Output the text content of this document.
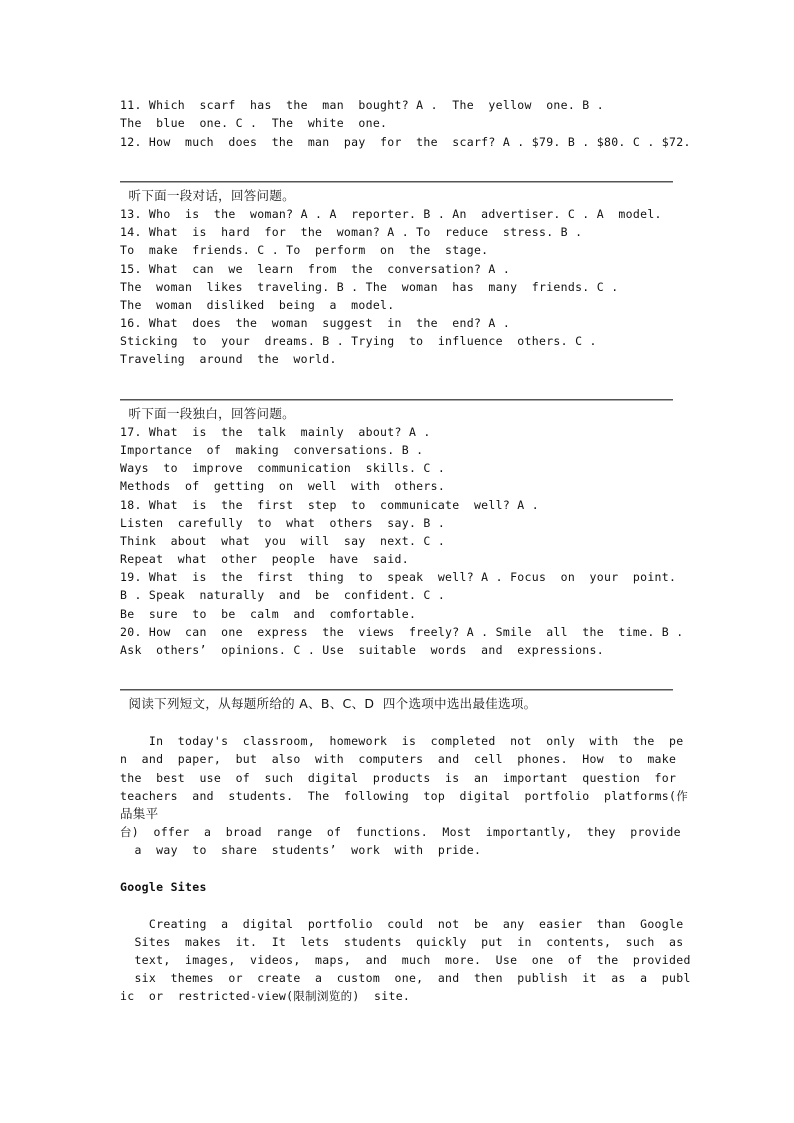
11. Which  scarf  has  the  man  bought? A .  The  yellow  one. B .
The  blue  one. C .  The  white  one.
12. How  much  does  the  man  pay  for  the  scarf? A . $79. B . $80. C . $72.
听下面一段对话，回答问题。
13. Who  is  the  woman? A . A  reporter. B . An  advertiser. C . A  model.
14. What  is  hard  for  the  woman? A . To  reduce  stress. B .
To  make  friends. C . To  perform  on  the  stage.
15. What  can  we  learn  from  the  conversation? A .
The  woman  likes  traveling. B . The  woman  has  many  friends. C .
The  woman  disliked  being  a  model.
16. What  does  the  woman  suggest  in  the  end? A .
Sticking  to  your  dreams. B . Trying  to  influence  others. C .
Traveling  around  the  world.
听下面一段独白，回答问题。
17. What  is  the  talk  mainly  about? A .
Importance  of  making  conversations. B .
Ways  to  improve  communication  skills. C .
Methods  of  getting  on  well  with  others.
18. What  is  the  first  step  to  communicate  well? A .
Listen  carefully  to  what  others  say. B .
Think  about  what  you  will  say  next. C .
Repeat  what  other  people  have  said.
19. What  is  the  first  thing  to  speak  well? A . Focus  on  your  point.
B . Speak  naturally  and  be  confident. C .
Be  sure  to  be  calm  and  comfortable.
20. How  can  one  express  the  views  freely? A . Smile  all  the  time. B .
Ask  others’  opinions. C . Use  suitable  words  and  expressions.
阅读下列短文，从每题所给的 A、B、C、D  四个选项中选出最佳选项。
In  today's  classroom,  homework  is  completed  not  only  with  the  pe
n  and  paper,  but  also  with  computers  and  cell  phones.  How  to  make
the  best  use  of  such  digital  products  is  an  important  question  for
teachers  and  students.  The  following  top  digital  portfolio  platforms(作
品集平
台)  offer  a  broad  range  of  functions.  Most  importantly,  they  provide
a  way  to  share  students’  work  with  pride.
Google Sites
Creating  a  digital  portfolio  could  not  be  any  easier  than  Google
Sites  makes  it.  It  lets  students  quickly  put  in  contents,  such  as
text,  images,  videos,  maps,  and  much  more.  Use  one  of  the  provided
six  themes  or  create  a  custom  one,  and  then  publish  it  as  a  publ
ic  or  restricted-view(限制浏览的)  site.
